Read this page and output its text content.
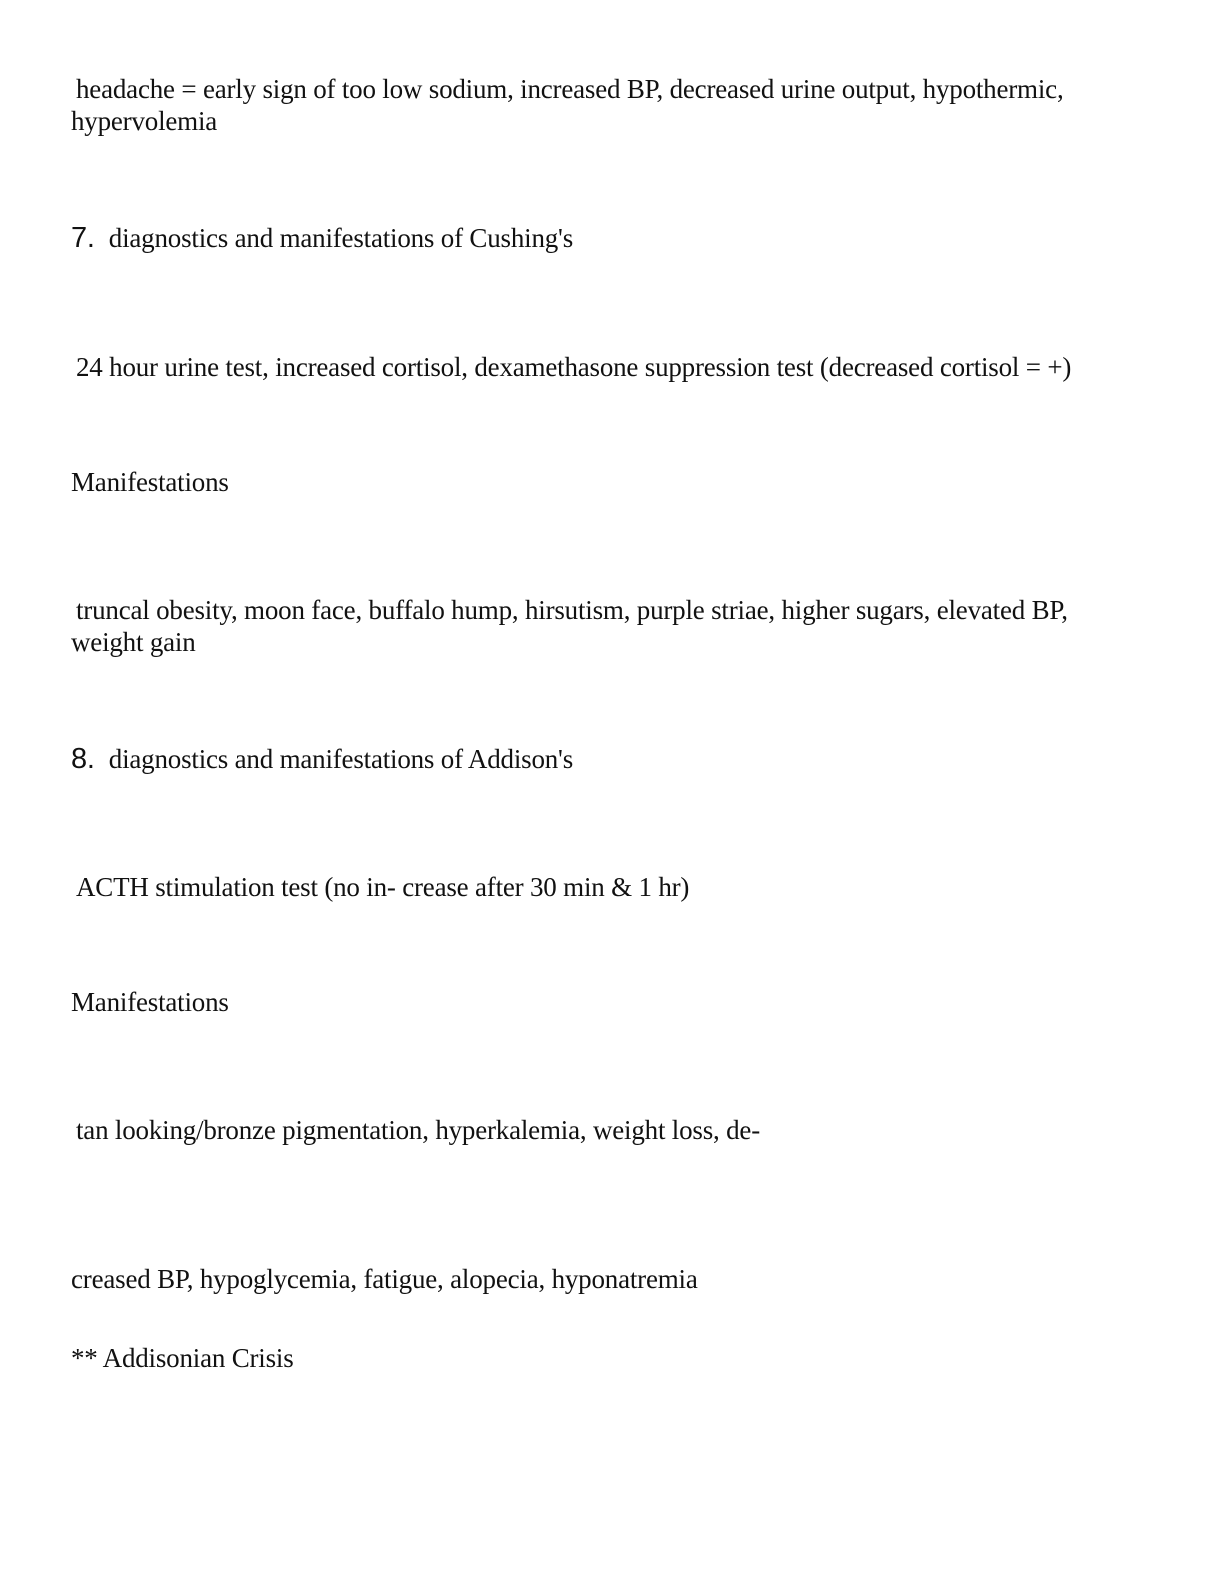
headache = early sign of too low sodium, increased BP, decreased urine output, hypothermic,
hypervolemia
7. diagnostics and manifestations of Cushing's
24 hour urine test, increased cortisol, dexamethasone suppression test (decreased cortisol = +)
Manifestations
truncal obesity, moon face, buffalo hump, hirsutism, purple striae, higher sugars, elevated BP,
weight gain
8. diagnostics and manifestations of Addison's
ACTH stimulation test (no in- crease after 30 min & 1 hr)
Manifestations
tan looking/bronze pigmentation, hyperkalemia, weight loss, de-
creased BP, hypoglycemia, fatigue, alopecia, hyponatremia
** Addisonian Crisis
